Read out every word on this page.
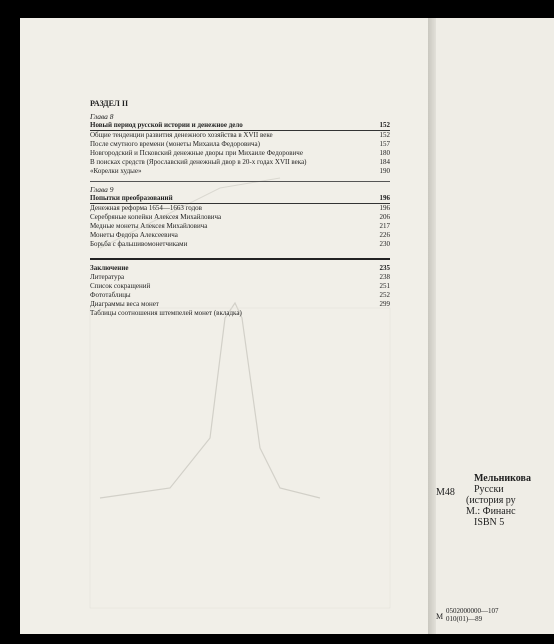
РАЗДЕЛ II
Глава 8
Новый период русской истории и денежное дело	152
Общие тенденции развития денежного хозяйства в XVII веке	152
После смутного времени (монеты Михаила Федоровича)	157
Новгородский и Псковский денежные дворы при Михаиле Федоровиче	180
В поисках средств (Ярославский денежный двор в 20-х годах XVII века)	184
«Корелки худые»	190
Глава 9
Попытки преобразований	196
Денежная реформа 1654—1663 годов	196
Серебряные копейки Алексея Михайловича	206
Медные монеты Алексея Михайловича	217
Монеты Федора Алексеевича	226
Борьба с фальшивомонетчиками	230
Заключение	235
Литература	238
Список сокращений	251
Фототаблицы	252
Диаграммы веса монет	299
Таблицы соотношения штемпелей монет (вкладка)
Мельникова
Русски
(история ру
М.: Финанс
ISBN 5
М48
0502000000—107
010(01)—89
М
